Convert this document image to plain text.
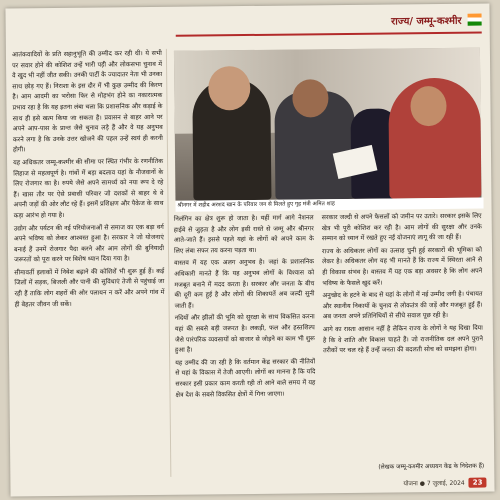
राज्य/ जम्मू-कश्मीर

आतंकवादियों के प्रति सहानुभूति की उम्मीद कर रही थी। ये सभी पर सवार होने की कोशिश उन्हें भारी पड़ी और लोकसभा चुनाव में वे खुद भी नहीं जीत सकी। उनकी पार्टी के ज्यादातर नेता भी उनका साथ छोड़ गए हैं। निराशा के इस दौर में भी कुछ उम्मीद की किरण है। आम आदमी का भरोसा फिर से मोहभंग होने का नकारात्मक प्रभाव रहा है कि यह इतना लंबा चला कि प्रशासनिक और कड़ाई के साथ ही इसे खत्म किया जा सकता है। प्रवासन से बाहर आने पर अपने आप-पास के प्रान्त जैसे चुनाव लड़े हैं और वे यह अनुभव करने लगा है कि उनके उत्तर खोजने की पहल उन्हें स्वयं ही करनी होगी।

यह अधिकतर जम्मू-कश्मीर की सीमा पर स्थित गंभीर के रणनीतिक लिहाज से महत्वपूर्ण है। गांवों में बड़ा बदलाव यहां के नौजवानों के लिए रोजगार का है। रुपये जैसे अपने सामर्थ्य को नया रूप दे रहे हैं। खास तौर पर ऐसे प्रवासी परिवार जो दशकों से बाहर थे वे अपनी जड़ों की ओर लौट रहे हैं। इसमें प्रशिक्षण और पैकेज के साथ कड़ा आरंभ हो गया है।

उद्योग और पर्यटन की नई परियोजनाओं से समाज का एक बड़ा वर्ग अपने भविष्य को लेकर आश्वस्त हुआ है। सरकार ने जो योजनाएं बनाई हैं उनमें रोजगार पैदा करने और आम लोगों की बुनियादी जरूरतों को पूरा करने पर विशेष ध्यान दिया गया है।

सीमावर्ती इलाकों में निवेश बढ़ाने की कोशिशें भी शुरू हुई हैं। कई जिलों में सड़क, बिजली और पानी की सुविधाएं तेजी से पहुंचाई जा रही हैं ताकि लोग शहरों की ओर पलायन न करें और अपने गांव में ही बेहतर जीवन जी सकें।

श्रीनगर में शहीद अरशद खान के परिवार जन से मिलते हुए गृह मंत्री अमित शाह

निलंगिन का क्षेत्र शुरू हो जाता है। यहीं मार्ग आगे नेशनल हाईवे से जुड़ता है और लोग इसी रास्ते से जम्मू और श्रीनगर आते-जाते हैं। इससे पहले यहां के लोगों को अपने काम के लिए लंबा सफर तय करना पड़ता था।

वास्तव में यह एक अलग अनुभव है। जहां के प्रशासनिक अधिकारी मानते हैं कि यह अनुभव लोगों के विश्वास को मजबूत बनाने में मदद करता है। सरकार और जनता के बीच की दूरी कम हुई है और लोगों की शिकायतें अब जल्दी सुनी जाती हैं।

नदियों और झीलों की भूमि को सुरक्षा के साथ विकसित करना यहां की सबसे बड़ी जरूरत है। लकड़ी, फल और हस्तशिल्प जैसे पारंपरिक व्यवसायों को बाजार से जोड़ने का काम भी शुरू हुआ है।

यह उम्मीद की जा रही है कि वर्तमान केंद्र सरकार की नीतियों से यहां के विकास में तेजी आएगी। लोगों का मानना है कि यदि सरकार इसी प्रकार काम करती रही तो आने वाले समय में यह क्षेत्र देश के सबसे विकसित क्षेत्रों में गिना जाएगा।

सरकार जल्दी से अपने फैसलों को जमीन पर उतारे। सरकार इसके लिए खेत्र भी पूरी कोशिश कर रही है। आम लोगों की सुरक्षा और उनके सम्मान को ध्यान में रखते हुए नई योजनाएं लागू की जा रही हैं।

राज्य के अधिकतर लोगों का उत्साह चुनी हुई सरकारों की भूमिका को लेकर है। अधिकतर लोग यह भी मानते हैं कि राज्य में स्थिरता आने से ही विकास संभव है। वास्तव में यह एक बड़ा अवसर है कि लोग अपने भविष्य के फैसले खुद करें।

अनुच्छेद के हटने के बाद से यहां के लोगों में नई उम्मीद जगी है। पंचायत और स्थानीय निकायों के चुनाव से लोकतंत्र की जड़ें और मजबूत हुई हैं। अब जनता अपने प्रतिनिधियों से सीधे सवाल पूछ रही है।

आगे का रास्ता आसान नहीं है लेकिन राज्य के लोगों ने यह दिखा दिया है कि वे शांति और विकास चाहते हैं। जो राजनीतिक दल अपने पुराने तरीकों पर चल रहे हैं उन्हें जनता की बदलती सोच को समझना होगा।

(लेखक जम्मू-कश्मीर अध्ययन केंद्र के निदेशक हैं)
योजना ● 7 जुलाई, 2024	23
